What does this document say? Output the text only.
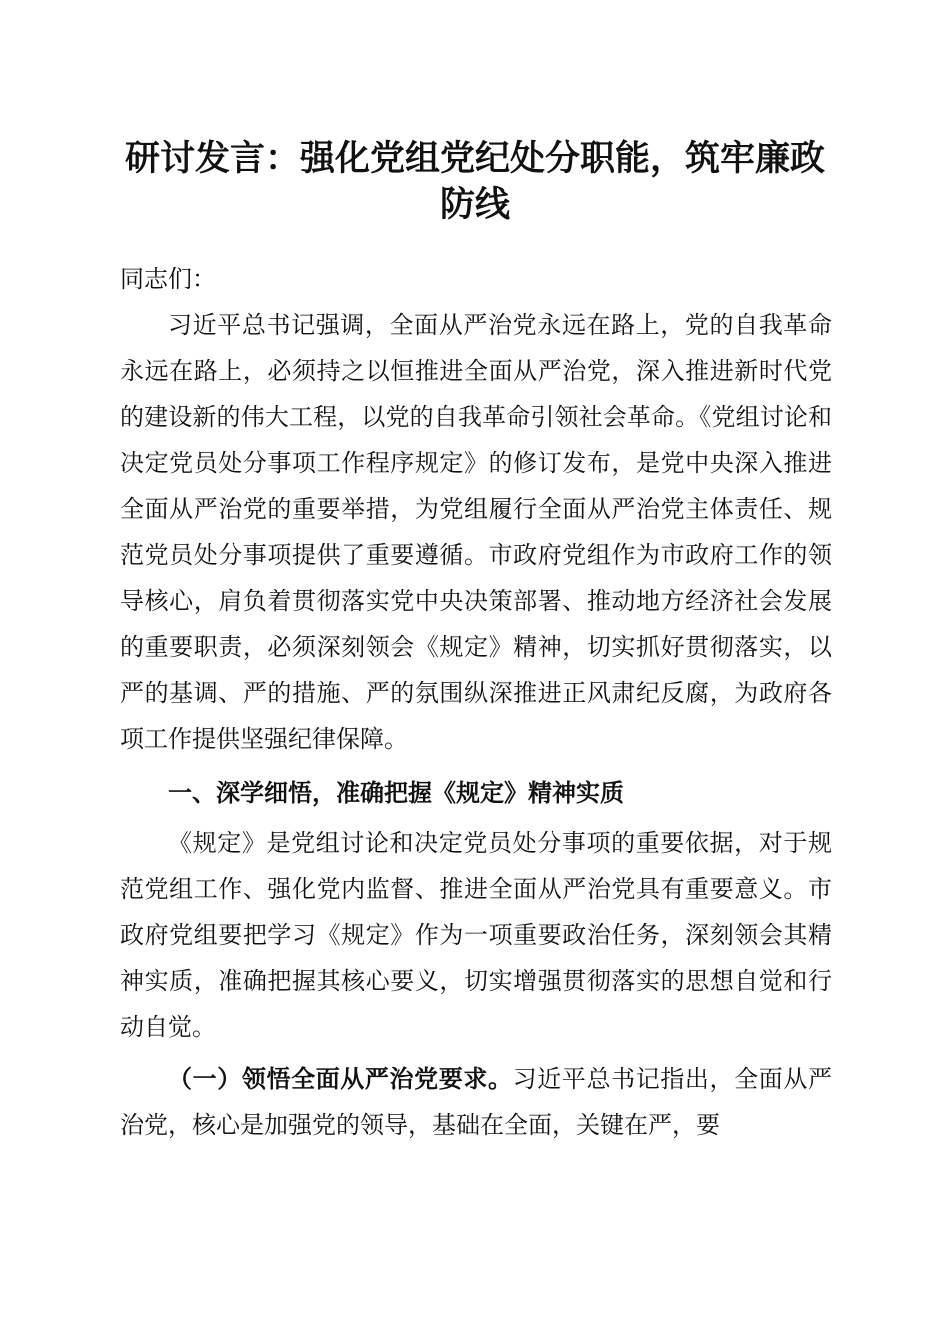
研讨发言：强化党组党纪处分职能，筑牢廉政
防线

同志们：

习近平总书记强调，全面从严治党永远在路上，党的自我革命永远在路上，必须持之以恒推进全面从严治党，深入推进新时代党的建设新的伟大工程，以党的自我革命引领社会革命。《党组讨论和决定党员处分事项工作程序规定》的修订发布，是党中央深入推进全面从严治党的重要举措，为党组履行全面从严治党主体责任、规范党员处分事项提供了重要遵循。市政府党组作为市政府工作的领导核心，肩负着贯彻落实党中央决策部署、推动地方经济社会发展的重要职责，必须深刻领会《规定》精神，切实抓好贯彻落实，以严的基调、严的措施、严的氛围纵深推进正风肃纪反腐，为政府各项工作提供坚强纪律保障。

一、深学细悟，准确把握《规定》精神实质

《规定》是党组讨论和决定党员处分事项的重要依据，对于规范党组工作、强化党内监督、推进全面从严治党具有重要意义。市政府党组要把学习《规定》作为一项重要政治任务，深刻领会其精神实质，准确把握其核心要义，切实增强贯彻落实的思想自觉和行动自觉。

（一）领悟全面从严治党要求。习近平总书记指出，全面从严治党，核心是加强党的领导，基础在全面，关键在严，要
